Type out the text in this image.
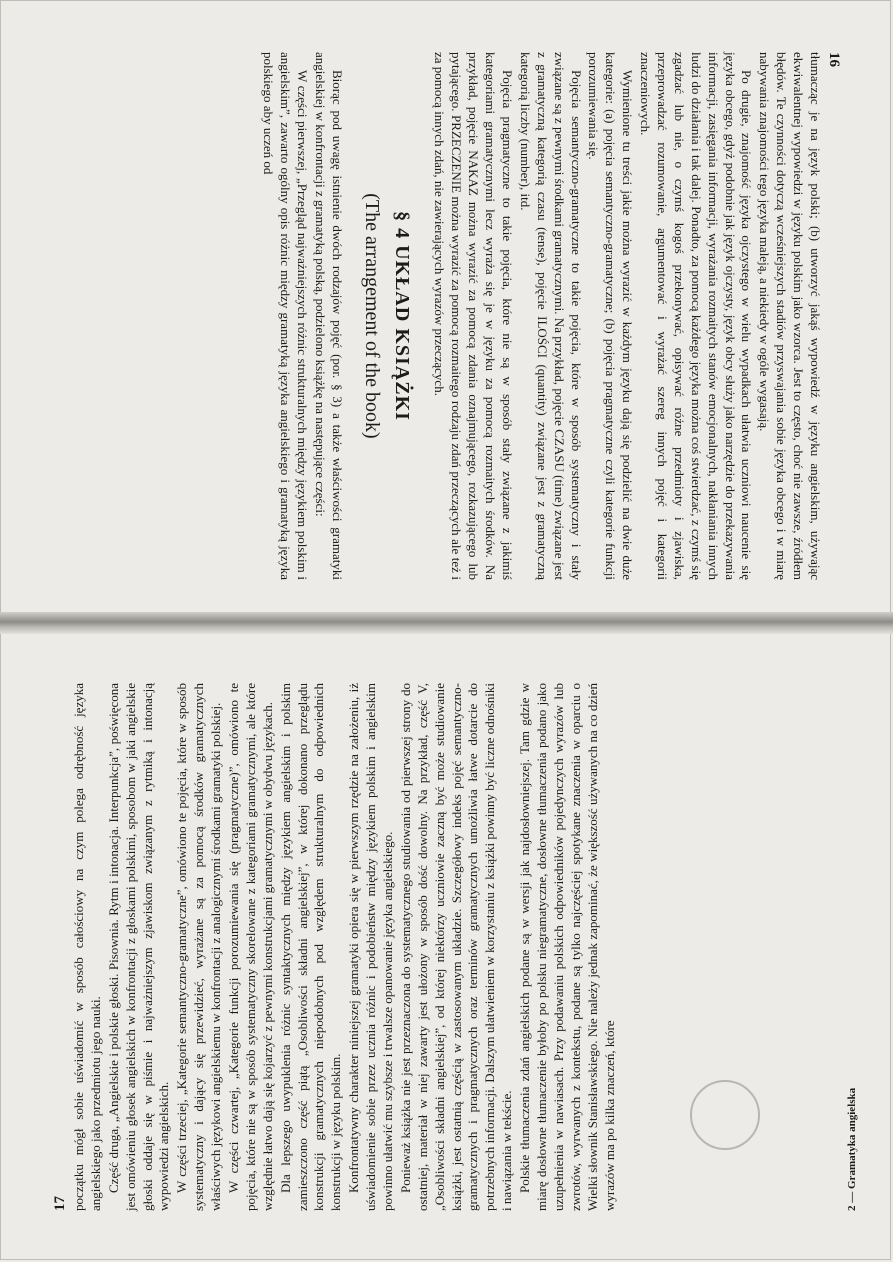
16

tłumacząc je na język polski; (b) utworzyć jakąś wypowiedź w języku angielskim, używając ekwiwalentnej wypowiedzi w języku polskim jako wzorca. Jest to często, choć nie zawsze, źródłem błędów. Te czynności dotyczą wcześniejszych stadiów przyswajania sobie języka obcego i w miarę nabywania znajomości tego języka maleją, a niekiedy w ogóle wygasają.

Po drugie, znajomość języka ojczystego w wielu wypadkach ułatwia uczniowi naucenie się języka obcego, gdyż podobnie jak język ojczysty, język obcy służy jako narzędzie do przekazywania informacji, zasięgania informacji, wyrażania rozmaitych stanów emocjonalnych, nakłaniania innych ludzi do działania i tak dalej. Ponadto, za pomocą każdego języka można coś stwierdzać, z czymś się zgadzać lub nie, o czymś kogoś przekonywać, opisywać różne przedmioty i zjawiska, przeprowadzać rozumowanie, argumentować i wyrażać szereg innych pojęć i kategorii znaczeniowych.

Wymienione tu treści jakie można wyrazić w każdym języku dają się podzielić na dwie duże kategorie: (a) pojęcia semantyczno-gramatyczne; (b) pojęcia pragmatyczne czyli kategorie funkcji porozumiewania się.

Pojęcia semantyczno-gramatyczne to takie pojęcia, które w sposób systematyczny i stały związane są z pewnymi środkami gramatycznymi. Na przykład, pojęcie CZASU (time) związane jest z gramatyczną kategorią czasu (tense), pojęcie ILOŚCI (quantity) związane jest z gramatyczną kategorią liczby (number), itd.

Pojęcia pragmatyczne to takie pojęcia, które nie są w sposób stały związane z jakimiś kategoriami gramatycznymi lecz wyraża się je w języku za pomocą rozmaitych środków. Na przykład, pojęcie NAKAZ można wyrazić za pomocą zdania oznajmującego, rozkazującego lub pytającego. PRZECZENIE można wyrazić za pomocą rozmaitego rodzaju zdań przeczących ale też i za pomocą innych zdań, nie zawierających wyrazów przeczących.

§ 4 UKŁAD KSIĄŻKI
(The arrangement of the book)

Biorąc pod uwagę istnienie dwóch rodzajów pojęć (por. § 3) a także właściwości gramatyki angielskiej w konfrontacji z gramatyką polską, podzielono książkę na następujące części:

W części pierwszej, „Przegląd najważniejszych różnic strukturalnych między językiem polskim i angielskim”, zawarto ogólny opis różnic między gramatyką języka angielskiego i gramatyką języka polskiego aby uczeń od

17 początku mógł sobie uświadomić w sposób całościowy na czym polega odrębność języka angielskiego jako przedmiotu jego nauki. Część druga, „Angielskie i polskie głoski. Pisownia. Rytm i intonacja. Interpunkcja”, poświęcona jest omówieniu głosek angielskich w konfrontacji z głoskami polskimi, sposobom w jaki angielskie głoski oddaje się w piśmie i najważniejszym zjawiskom związanym z rytmiką i intonacją wypowiedzi angielskich. W części trzeciej, „Kategorie semantyczno-gramatyczne”, omówiono te pojęcia, które w sposób systematyczny i dający się przewidzieć, wyrażane są za pomocą środków gramatycznych właściwych językowi angielskiemu w konfrontacji z analogicznymi środkami gramatyki polskiej. W części czwartej, „Kategorie funkcji porozumiewania się (pragmatyczne)”, omówiono te pojęcia, które nie są w sposób systematyczny skorelowane z kategoriami gramatycznymi, ale które względnie łatwo dają się kojarzyć z pewnymi konstrukcjami gramatycznymi w obydwu językach. Dla lepszego uwypuklenia różnic syntaktycznych między językiem angielskim i polskim zamieszczono część piątą „Osobliwości składni angielskiej”, w której dokonano przeglądu konstrukcji gramatycznych niepodobnych pod względem strukturalnym do odpowiednich konstrukcji w języku polskim. Konfrontatywny charakter niniejszej gramatyki opiera się w pierwszym rzędzie na założeniu, iż uświadomienie sobie przez ucznia różnic i podobieństw między językiem polskim i angielskim powinno ułatwić mu szybsze i trwalsze opanowanie języka angielskiego. Ponieważ książka nie jest przeznaczona do systematycznego studiowania od pierwszej strony do ostatniej, materiał w niej zawarty jest ułożony w sposób dość dowolny. Na przykład, część V, „Osobliwości składni angielskiej”, od której niektórzy uczniowie zaczną być może studiowanie książki, jest ostatnią częścią w zastosowanym układzie. Szczegółowy indeks pojęć semantyczno-gramatycznych i pragmatycznych oraz terminów gramatycznych umożliwia łatwe dotarcie do potrzebnych informacji. Dalszym ułatwieniem w korzystaniu z książki powinny być liczne odnośniki i nawiązania w tekście. Polskie tłumaczenia zdań angielskich podane są w wersji jak najdosłowniejszej. Tam gdzie w miarę dosłowne tłumaczenie byłoby po polsku niegramatyczne, dosłowne tłumaczenia podano jako uzupełnienia w nawiasach. Przy podawaniu polskich odpowiedników pojedynczych wyrazów lub zwrotów, wyrwanych z kontekstu, podane są tylko najczęściej spotykane znaczenia w oparciu o Wielki słownik Stanisławskiego. Nie należy jednak zapominać, że większość używanych na co dzień wyrazów ma po kilka znaczeń, które	2 — Gramatyka angielska
